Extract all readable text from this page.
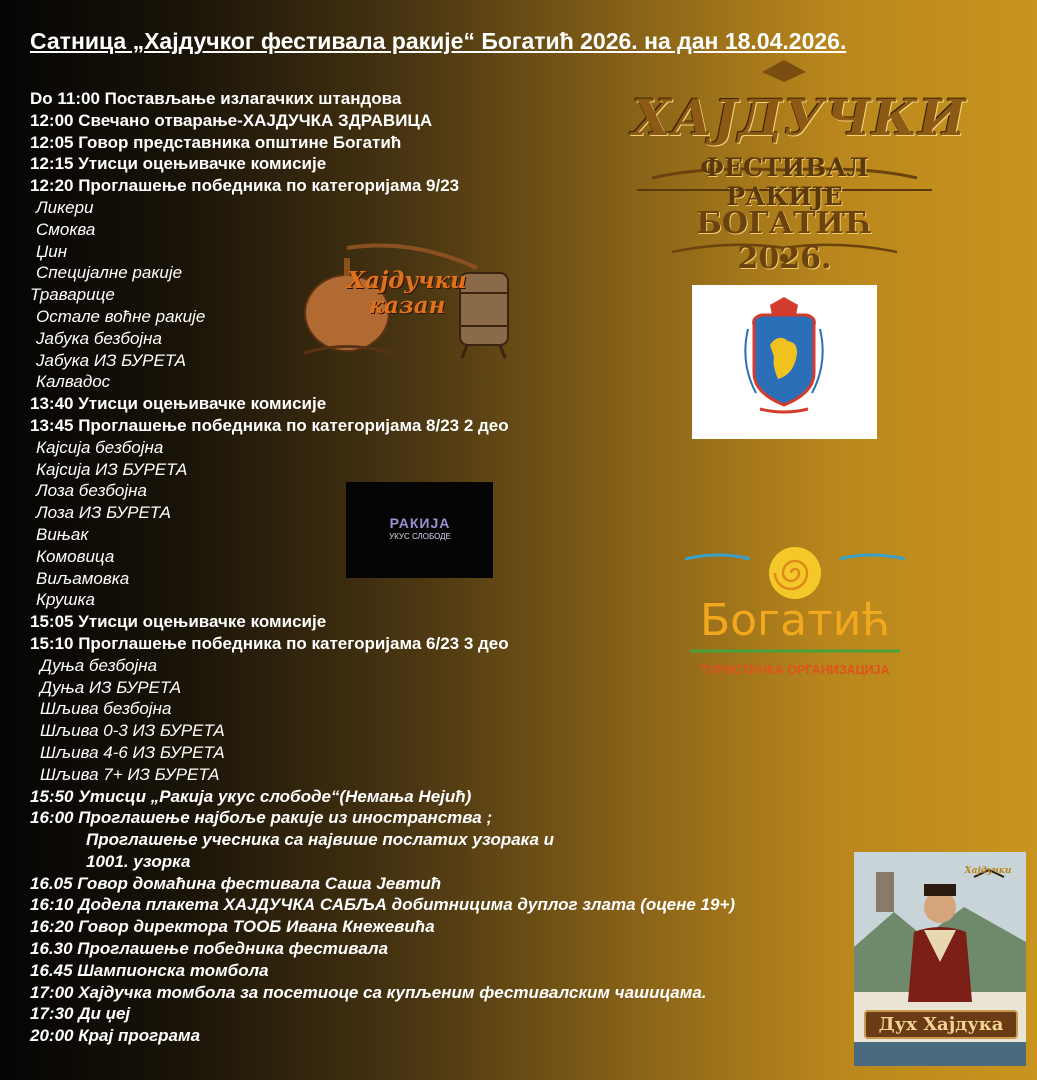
Сатница „Хајдучког фестивала ракије“ Богатић 2026. на дан 18.04.2026.
Do 11:00 Постављање излагачких штандова
12:00 Свечано отварање-ХАЈДУЧКА ЗДРАВИЦА
12:05 Говор представника општине Богатић
12:15 Утисци оцењивачке комисије
12:20 Проглашење победника по категоријама 9/23
Ликери
Смоква
Џин
Специјалне ракије
Траварице
Остале воћне ракије
Јабука безбојна
Јабука ИЗ БУРЕТА
Калвадос
13:40 Утисци оцењивачке комисије
13:45 Проглашење победника по категоријама 8/23 2 део
Кајсија безбојна
Кајсија ИЗ БУРЕТА
Лоза безбојна
Лоза ИЗ БУРЕТА
Вињак
Комовица
Виљамовка
Крушка
15:05 Утисци оцењивачке комисије
15:10 Проглашење победника по категоријама 6/23 3 део
Дуња безбојна
Дуња ИЗ БУРЕТА
Шљива безбојна
Шљива 0-3 ИЗ БУРЕТА
Шљива 4-6 ИЗ БУРЕТА
Шљива 7+ ИЗ БУРЕТА
15:50 Утисци „Ракија укус слободе“(Немања Нејић)
16:00 Проглашење најбоље ракије из иностранства ;
Проглашење учесника са највише послатих узорака и
1001. узорка
16.05 Говор домаћина фестивала Саша Јевтић
16:10 Додела плакета ХАЈДУЧКА САБЉА добитницима дуплог злата (оцене 19+)
16:20 Говор директора ТООБ Ивана Кнежевића
16.30 Проглашење победника фестивала
16.45 Шампионска томбола
17:00 Хајдучка томбола за посетиоце са купљеним фестивалским чашицама.
17:30 Ди џеј
20:00 Крај програма
ХАЈДУЧКИ
ФЕСТИВАЛ РАКИЈЕ
БОГАТИЋ 2026.
Хајдучки
казан
РАКИЈА
УКУС СЛОБОДЕ
Богатић
ТУРИСТИЧКА ОРГАНИЗАЦИЈА
Хајдучки
Дух Хајдука
